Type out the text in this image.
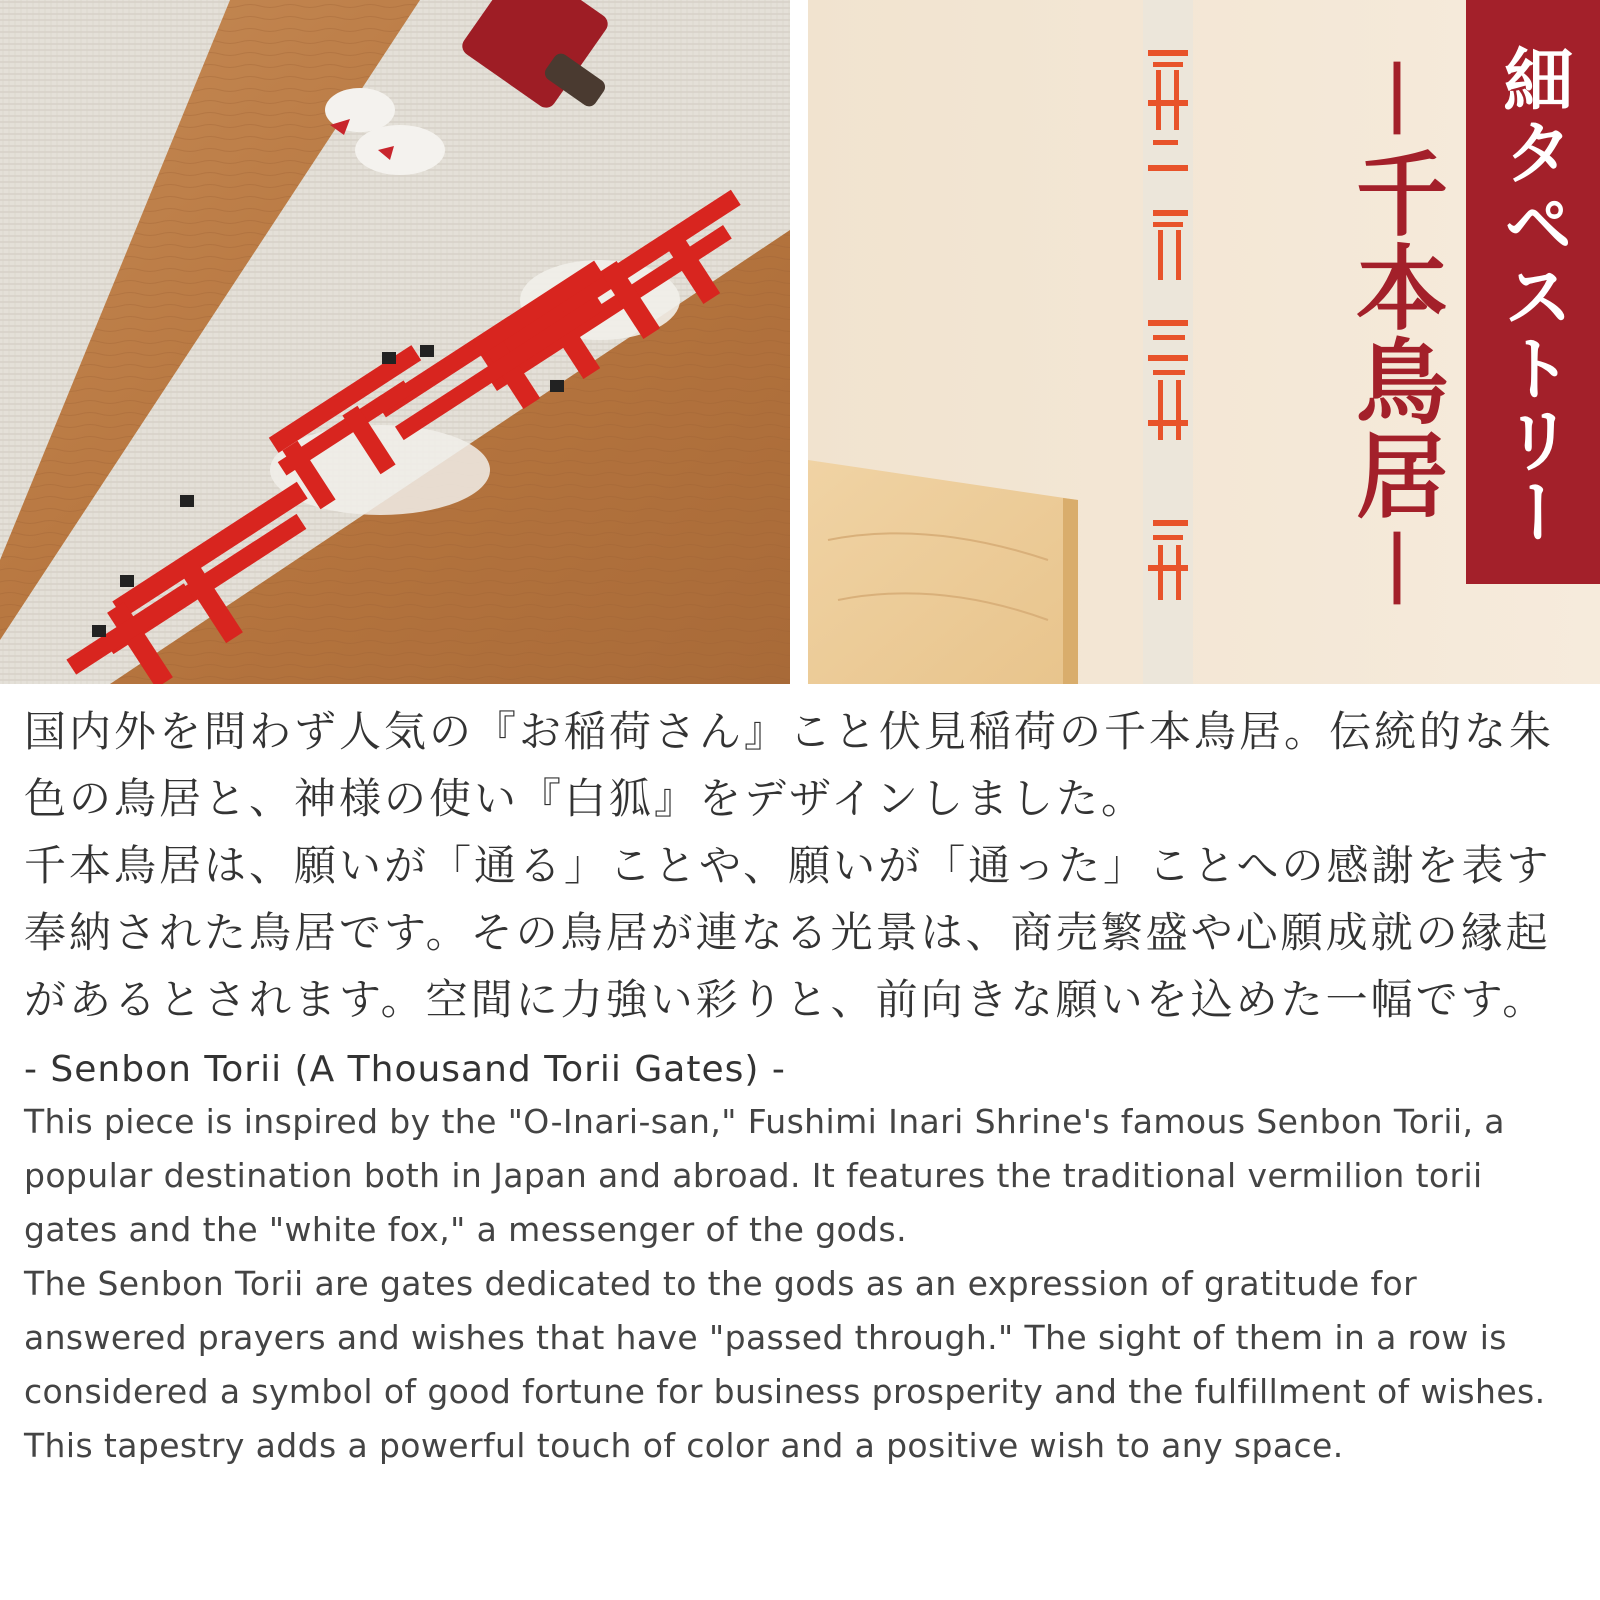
細タペストリー
－千本鳥居－

国内外を問わず人気の『お稲荷さん』こと伏見稲荷の千本鳥居。伝統的な朱色の鳥居と、神様の使い『白狐』をデザインしました。

千本鳥居は、願いが「通る」ことや、願いが「通った」ことへの感謝を表す奉納された鳥居です。その鳥居が連なる光景は、商売繁盛や心願成就の縁起があるとされます。空間に力強い彩りと、前向きな願いを込めた一幅です。

- Senbon Torii (A Thousand Torii Gates) -

This piece is inspired by the "O-Inari-san," Fushimi Inari Shrine's famous Senbon Torii, a popular destination both in Japan and abroad. It features the traditional vermilion torii gates and the "white fox," a messenger of the gods.

The Senbon Torii are gates dedicated to the gods as an expression of gratitude for answered prayers and wishes that have "passed through." The sight of them in a row is considered a symbol of good fortune for business prosperity and the fulfillment of wishes. This tapestry adds a powerful touch of color and a positive wish to any space.
